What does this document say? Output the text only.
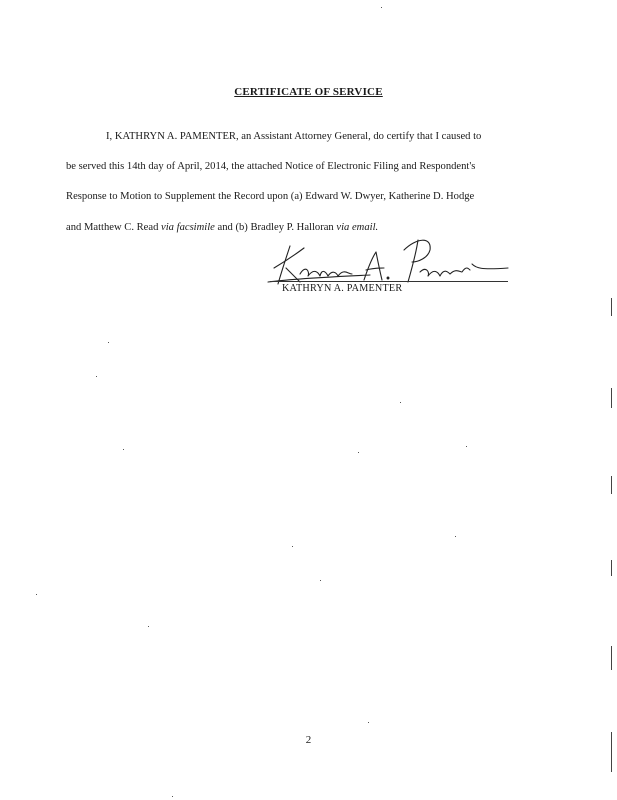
CERTIFICATE OF SERVICE
I, KATHRYN A. PAMENTER, an Assistant Attorney General, do certify that I caused to
be served this 14th day of April, 2014, the attached Notice of Electronic Filing and Respondent's
Response to Motion to Supplement the Record upon (a) Edward W. Dwyer, Katherine D. Hodge
and Matthew C. Read via facsimile and (b) Bradley P. Halloran via email.
KATHRYN A. PAMENTER
2
